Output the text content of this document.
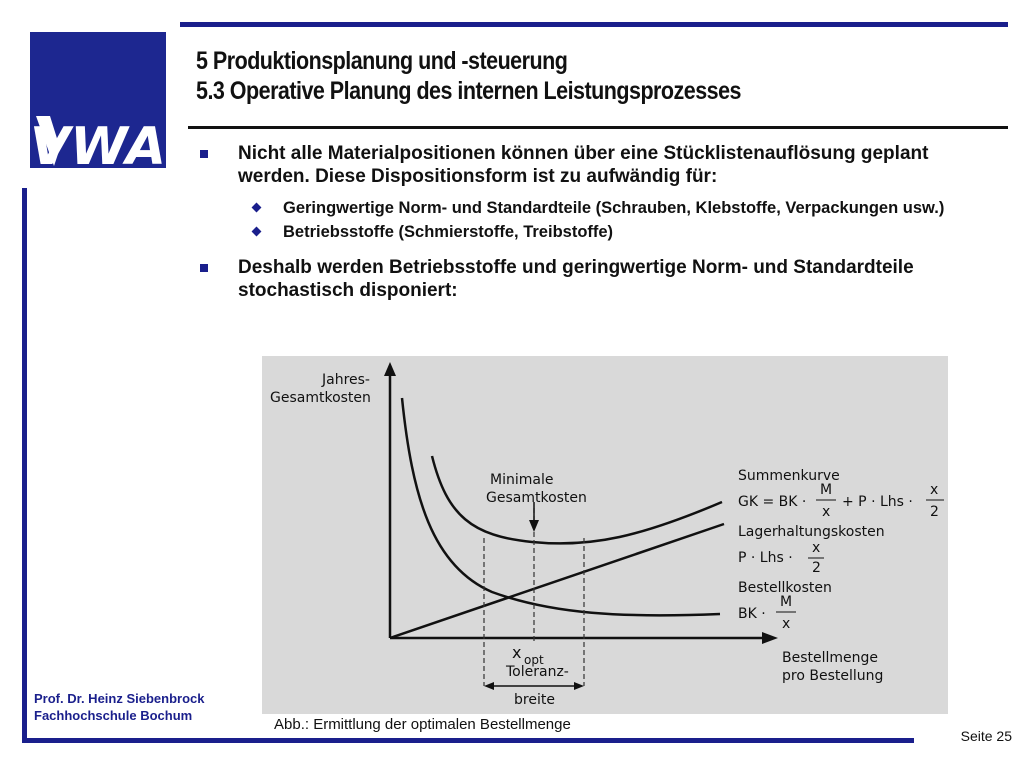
VWA
5 Produktionsplanung und -steuerung
5.3 Operative Planung des internen Leistungsprozesses
Nicht alle Materialpositionen können über eine Stücklistenauflösung geplant werden. Diese Dispositionsform ist zu aufwändig für:
Geringwertige Norm- und Standardteile (Schrauben, Klebstoffe, Verpackungen usw.)
Betriebsstoffe (Schmierstoffe, Treibstoffe)
Deshalb werden Betriebsstoffe und geringwertige Norm- und Standardteile stochastisch disponiert:
Jahres-
Gesamtkosten
Minimale
Gesamtkosten
Summenkurve
GK = BK ·
M
x
+ P · Lhs ·
x
2
Lagerhaltungskosten
P · Lhs ·
x
2
Bestellkosten
BK ·
M
x
x opt	Bestellmenge
pro Bestellung
Toleranz-
breite
Abb.: Ermittlung der optimalen Bestellmenge
Prof. Dr. Heinz Siebenbrock
Fachhochschule Bochum
Seite 25
